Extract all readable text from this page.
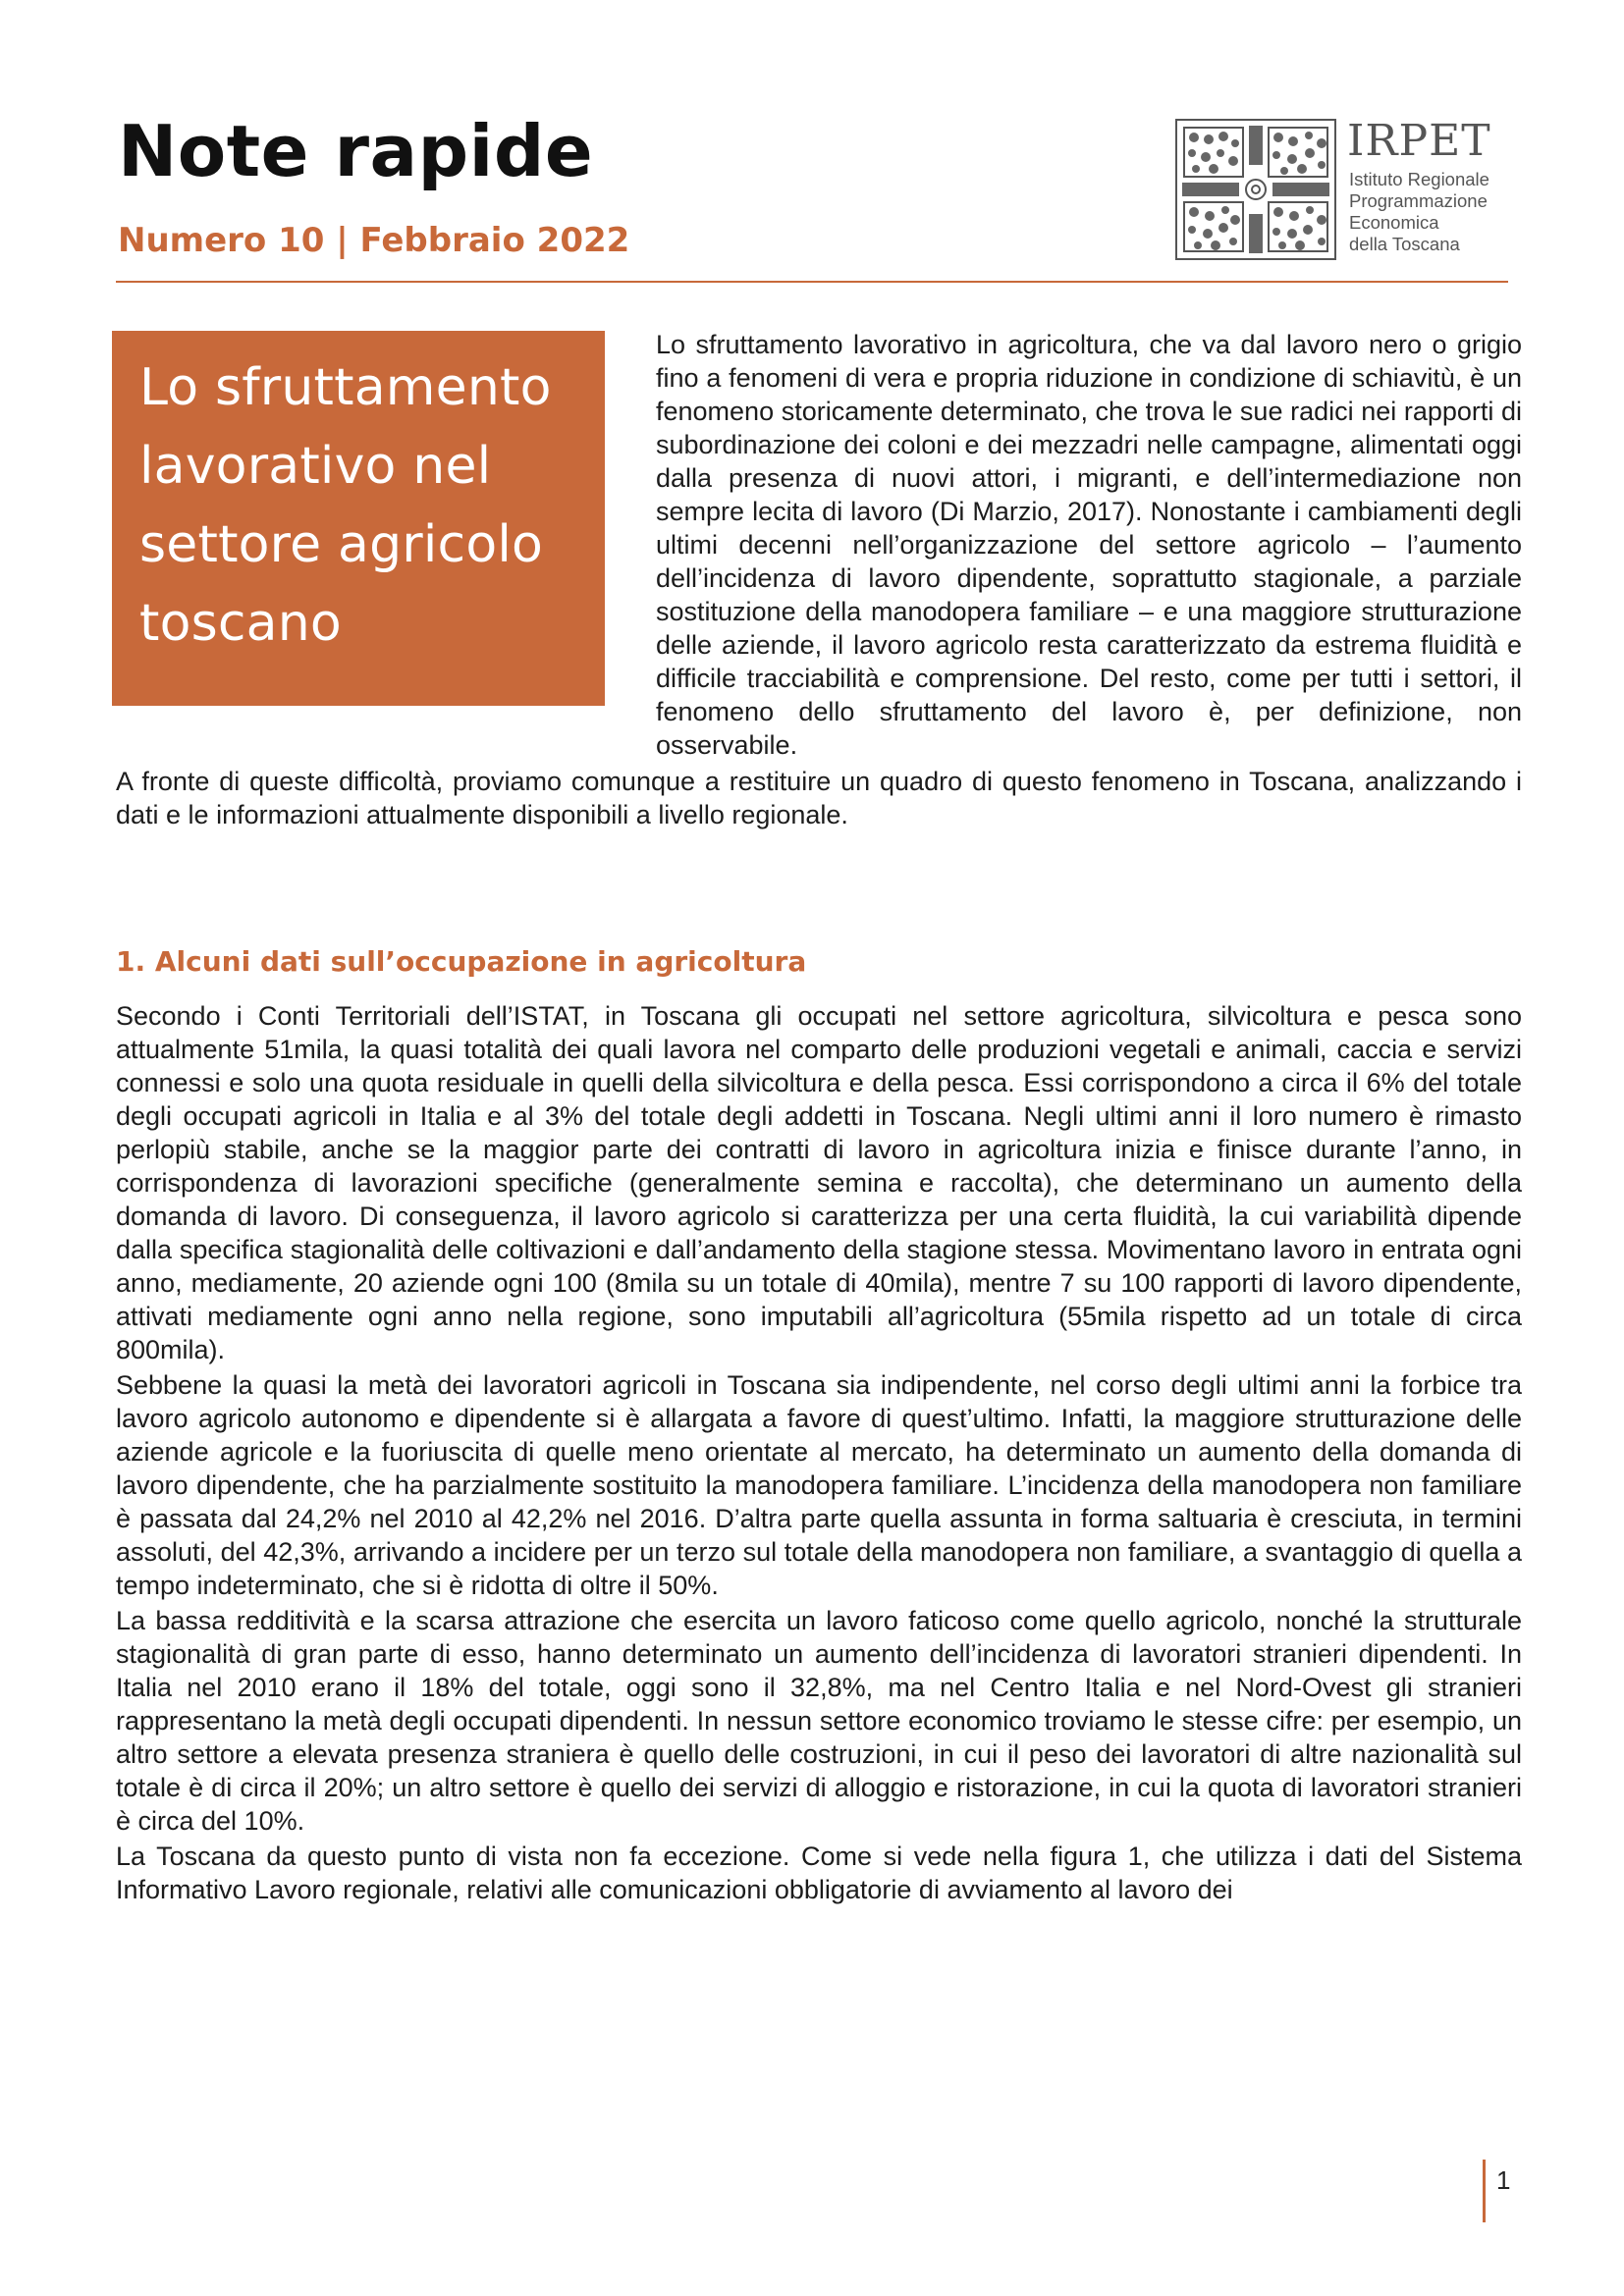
Note rapide
Numero 10 | Febbraio 2022
IRPET
Istituto Regionale
Programmazione
Economica
della Toscana
Lo sfruttamento
lavorativo nel
settore agricolo
toscano

Lo sfruttamento lavorativo in agricoltura, che va dal lavoro nero o grigio fino a fenomeni di vera e propria riduzione in condizione di schiavitù, è un fenomeno storicamente determinato, che trova le sue radici nei rapporti di subordinazione dei coloni e dei mezzadri nelle campagne, alimentati oggi dalla presenza di nuovi attori, i migranti, e dell’intermediazione non sempre lecita di lavoro (Di Marzio, 2017). Nonostante i cambiamenti degli ultimi decenni nell’organizzazione del settore agricolo – l’aumento dell’incidenza di lavoro dipendente, soprattutto stagionale, a parziale sostituzione della manodopera familiare – e una maggiore strutturazione delle aziende, il lavoro agricolo resta caratterizzato da estrema fluidità e difficile tracciabilità e comprensione. Del resto, come per tutti i settori, il fenomeno dello sfruttamento del lavoro è, per definizione, non osservabile.

A fronte di queste difficoltà, proviamo comunque a restituire un quadro di questo fenomeno in Toscana, analizzando i dati e le informazioni attualmente disponibili a livello regionale.

1. Alcuni dati sull’occupazione in agricoltura

Secondo i Conti Territoriali dell’ISTAT, in Toscana gli occupati nel settore agricoltura, silvicoltura e pesca sono attualmente 51mila, la quasi totalità dei quali lavora nel comparto delle produzioni vegetali e animali, caccia e servizi connessi e solo una quota residuale in quelli della silvicoltura e della pesca. Essi corrispondono a circa il 6% del totale degli occupati agricoli in Italia e al 3% del totale degli addetti in Toscana. Negli ultimi anni il loro numero è rimasto perlopiù stabile, anche se la maggior parte dei contratti di lavoro in agricoltura inizia e finisce durante l’anno, in corrispondenza di lavorazioni specifiche (generalmente semina e raccolta), che determinano un aumento della domanda di lavoro. Di conseguenza, il lavoro agricolo si caratterizza per una certa fluidità, la cui variabilità dipende dalla specifica stagionalità delle coltivazioni e dall’andamento della stagione stessa. Movimentano lavoro in entrata ogni anno, mediamente, 20 aziende ogni 100 (8mila su un totale di 40mila), mentre 7 su 100 rapporti di lavoro dipendente, attivati mediamente ogni anno nella regione, sono imputabili all’agricoltura (55mila rispetto ad un totale di circa 800mila).

Sebbene la quasi la metà dei lavoratori agricoli in Toscana sia indipendente, nel corso degli ultimi anni la forbice tra lavoro agricolo autonomo e dipendente si è allargata a favore di quest’ultimo. Infatti, la maggiore strutturazione delle aziende agricole e la fuoriuscita di quelle meno orientate al mercato, ha determinato un aumento della domanda di lavoro dipendente, che ha parzialmente sostituito la manodopera familiare. L’incidenza della manodopera non familiare è passata dal 24,2% nel 2010 al 42,2% nel 2016. D’altra parte quella assunta in forma saltuaria è cresciuta, in termini assoluti, del 42,3%, arrivando a incidere per un terzo sul totale della manodopera non familiare, a svantaggio di quella a tempo indeterminato, che si è ridotta di oltre il 50%.

La bassa redditività e la scarsa attrazione che esercita un lavoro faticoso come quello agricolo, nonché la strutturale stagionalità di gran parte di esso, hanno determinato un aumento dell’incidenza di lavoratori stranieri dipendenti. In Italia nel 2010 erano il 18% del totale, oggi sono il 32,8%, ma nel Centro Italia e nel Nord-Ovest gli stranieri rappresentano la metà degli occupati dipendenti. In nessun settore economico troviamo le stesse cifre: per esempio, un altro settore a elevata presenza straniera è quello delle costruzioni, in cui il peso dei lavoratori di altre nazionalità sul totale è di circa il 20%; un altro settore è quello dei servizi di alloggio e ristorazione, in cui la quota di lavoratori stranieri è circa del 10%.

La Toscana da questo punto di vista non fa eccezione. Come si vede nella figura 1, che utilizza i dati del Sistema Informativo Lavoro regionale, relativi alle comunicazioni obbligatorie di avviamento al lavoro dei

1
